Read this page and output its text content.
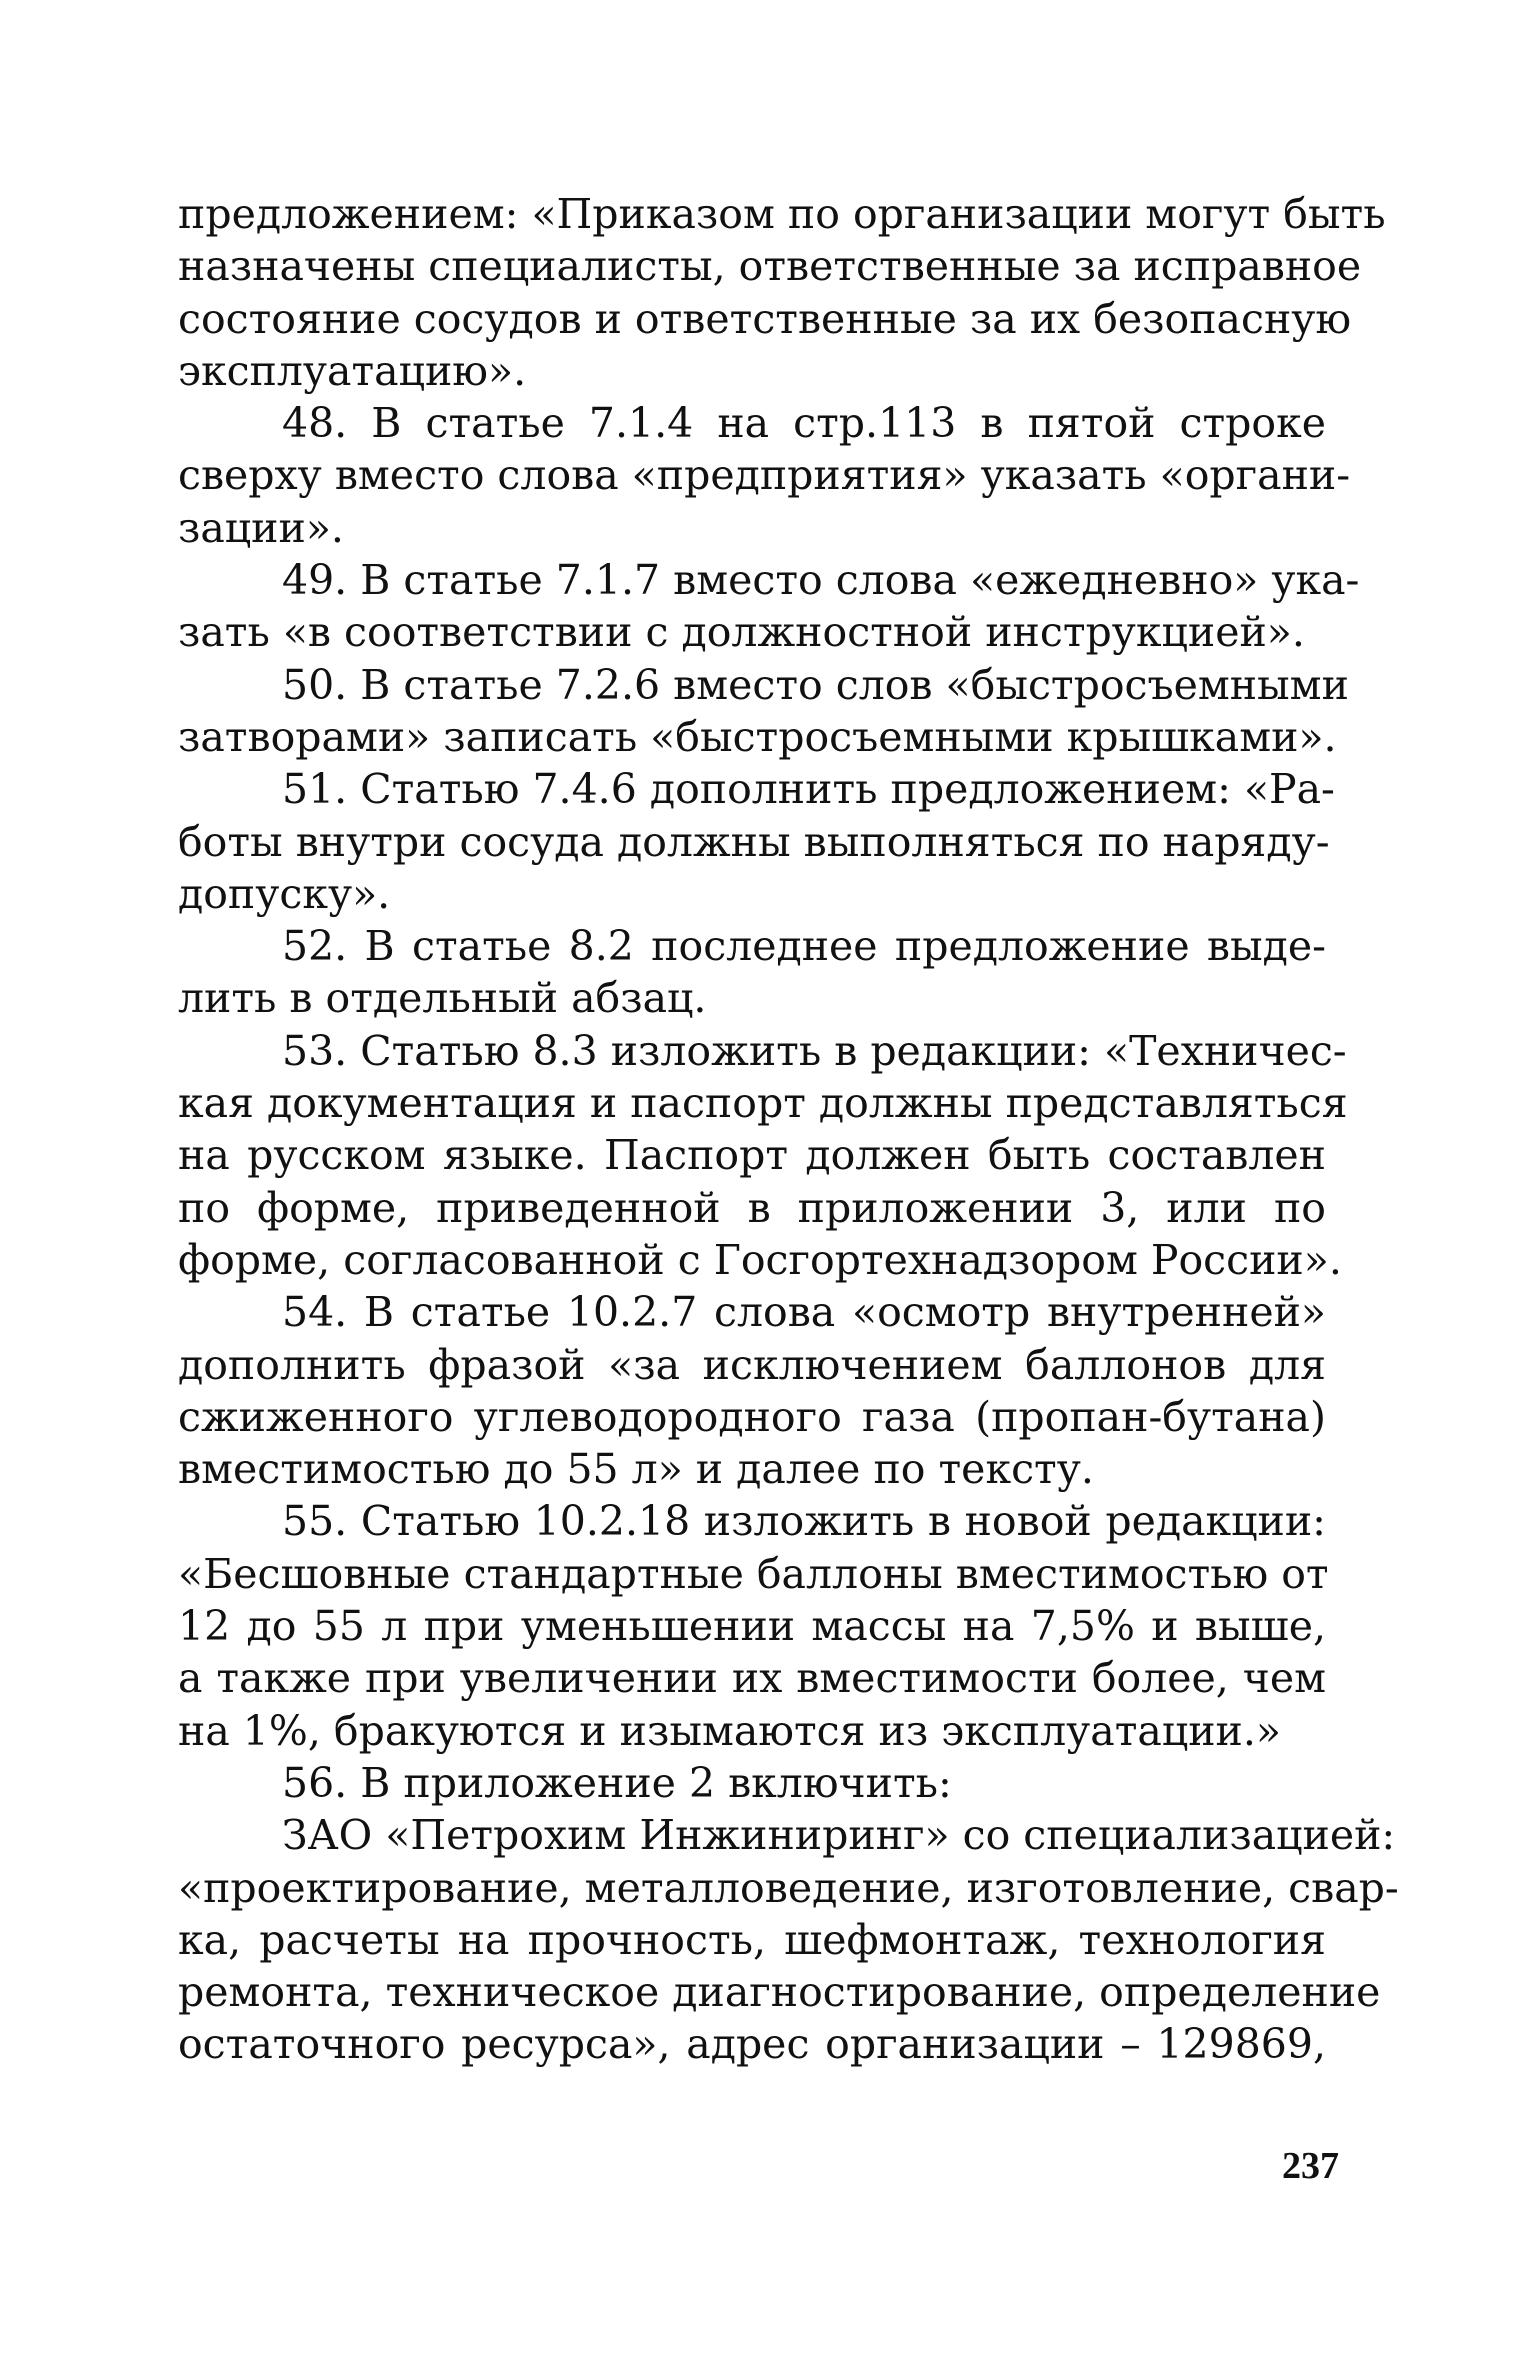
предложением: «Приказом по организации могут быть
назначены специалисты, ответственные за исправное
состояние сосудов и ответственные за их безопасную
эксплуатацию».
48. В статье 7.1.4 на стр.113 в пятой строке
сверху вместо слова «предприятия» указать «органи-
зации».
49. В статье 7.1.7 вместо слова «ежедневно» ука-
зать «в соответствии с должностной инструкцией».
50. В статье 7.2.6 вместо слов «быстросъемными
затворами» записать «быстросъемными крышками».
51. Статью 7.4.6 дополнить предложением: «Ра-
боты внутри сосуда должны выполняться по наряду-
допуску».
52. В статье 8.2 последнее предложение выде-
лить в отдельный абзац.
53. Статью 8.3 изложить в редакции: «Техничес-
кая документация и паспорт должны представляться
на русском языке. Паспорт должен быть составлен
по форме, приведенной в приложении 3, или по
форме, согласованной с Госгортехнадзором России».
54. В статье 10.2.7 слова «осмотр внутренней»
дополнить фразой «за исключением баллонов для
сжиженного углеводородного газа (пропан-бутана)
вместимостью до 55 л» и далее по тексту.
55. Статью 10.2.18 изложить в новой редакции:
«Бесшовные стандартные баллоны вместимостью от
12 до 55 л при уменьшении массы на 7,5% и выше,
а также при увеличении их вместимости более, чем
на 1%, бракуются и изымаются из эксплуатации.»
56. В приложение 2 включить:
ЗАО «Петрохим Инжиниринг» со специализацией:
«проектирование, металловедение, изготовление, свар-
ка, расчеты на прочность, шефмонтаж, технология
ремонта, техническое диагностирование, определение
остаточного ресурса», адрес организации – 129869,
237
